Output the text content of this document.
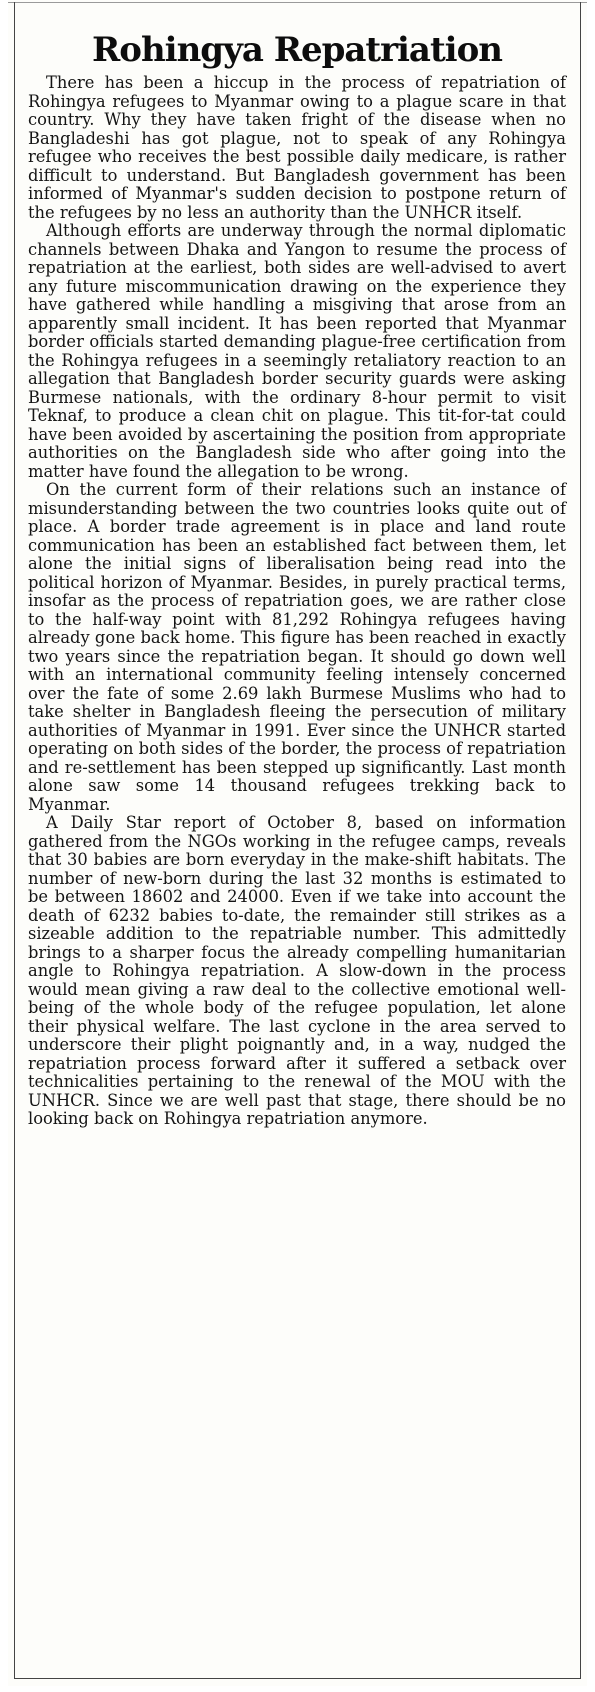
Rohingya Repatriation

There has been a hiccup in the process of repatriation of Rohingya refugees to Myanmar owing to a plague scare in that country. Why they have taken fright of the disease when no Bangladeshi has got plague, not to speak of any Rohingya refugee who receives the best possible daily medicare, is rather difficult to understand. But Bangladesh government has been informed of Myanmar's sudden decision to postpone return of the refugees by no less an authority than the UNHCR itself.

Although efforts are underway through the normal diplomatic channels between Dhaka and Yangon to resume the process of repatriation at the earliest, both sides are well-advised to avert any future miscommunication drawing on the experience they have gathered while handling a misgiving that arose from an apparently small incident. It has been reported that Myanmar border officials started demanding plague-free certification from the Rohingya refugees in a seemingly retaliatory reaction to an allegation that Bangladesh border security guards were asking Burmese nationals, with the ordinary 8-hour permit to visit Teknaf, to produce a clean chit on plague. This tit-for-tat could have been avoided by ascertaining the position from appropriate authorities on the Bangladesh side who after going into the matter have found the allegation to be wrong.

On the current form of their relations such an instance of misunderstanding between the two countries looks quite out of place. A border trade agreement is in place and land route communication has been an established fact between them, let alone the initial signs of liberalisation being read into the political horizon of Myanmar. Besides, in purely practical terms, insofar as the process of repatriation goes, we are rather close to the half-way point with 81,292 Rohingya refugees having already gone back home. This figure has been reached in exactly two years since the repatriation began. It should go down well with an international community feeling intensely concerned over the fate of some 2.69 lakh Burmese Muslims who had to take shelter in Bangladesh fleeing the persecution of military authorities of Myanmar in 1991. Ever since the UNHCR started operating on both sides of the border, the process of repatriation and re-settlement has been stepped up significantly. Last month alone saw some 14 thousand refugees trekking back to Myanmar.

A Daily Star report of October 8, based on information gathered from the NGOs working in the refugee camps, reveals that 30 babies are born everyday in the make-shift habitats. The number of new-born during the last 32 months is estimated to be between 18602 and 24000. Even if we take into account the death of 6232 babies to-date, the remainder still strikes as a sizeable addition to the repatriable number. This admittedly brings to a sharper focus the already compelling humanitarian angle to Rohingya repatriation. A slow-down in the process would mean giving a raw deal to the collective emotional well-being of the whole body of the refugee population, let alone their physical welfare. The last cyclone in the area served to underscore their plight poignantly and, in a way, nudged the repatriation process forward after it suffered a setback over technicalities pertaining to the renewal of the MOU with the UNHCR. Since we are well past that stage, there should be no looking back on Rohingya repatriation anymore.
